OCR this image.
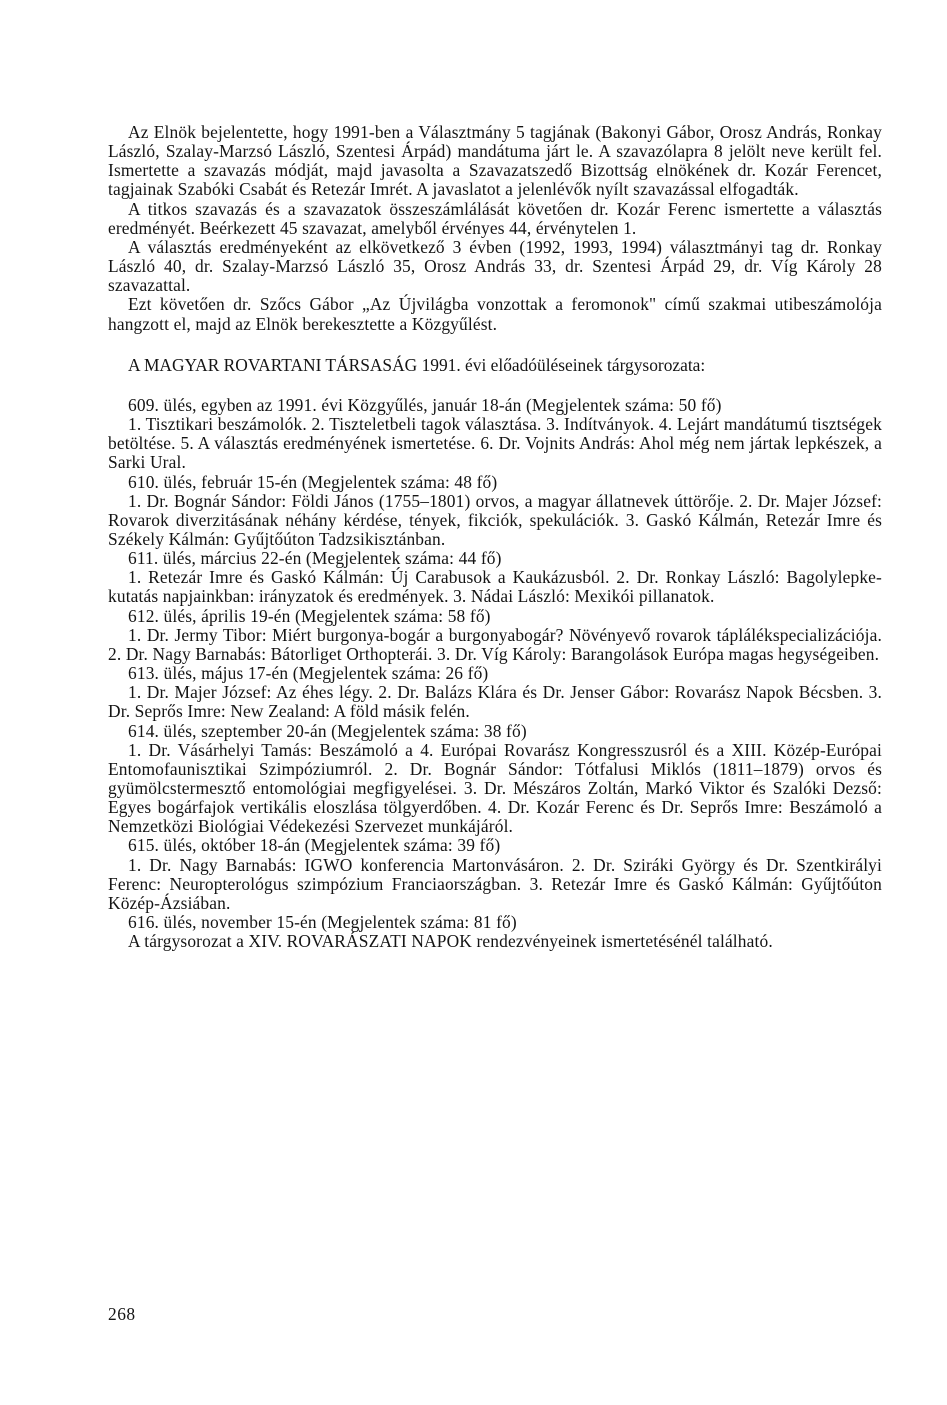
Az Elnök bejelentette, hogy 1991-ben a Választmány 5 tagjának (Bakonyi Gábor, Orosz András, Ronkay László, Szalay-Marzsó László, Szentesi Árpád) mandátuma járt le. A szavazólapra 8 jelölt neve került fel. Ismertette a szavazás módját, majd javasolta a Szavazatszedő Bizottság elnökének dr. Kozár Ferencet, tagjainak Szabóki Csabát és Retezár Imrét. A javaslatot a jelenlévők nyílt szavazással elfogadták.

A titkos szavazás és a szavazatok összeszámlálását követően dr. Kozár Ferenc ismertette a választás eredményét. Beérkezett 45 szavazat, amelyből érvényes 44, érvénytelen 1.

A választás eredményeként az elkövetkező 3 évben (1992, 1993, 1994) választmányi tag dr. Ronkay László 40, dr. Szalay-Marzsó László 35, Orosz András 33, dr. Szentesi Árpád 29, dr. Víg Károly 28 szavazattal.

Ezt követően dr. Szőcs Gábor „Az Újvilágba vonzottak a feromonok" című szakmai utibeszámolója hangzott el, majd az Elnök berekesztette a Közgyűlést.

A MAGYAR ROVARTANI TÁRSASÁG 1991. évi előadóüléseinek tárgysorozata:

609. ülés, egyben az 1991. évi Közgyűlés, január 18-án (Megjelentek száma: 50 fő)

1. Tisztikari beszámolók. 2. Tiszteletbeli tagok választása. 3. Indítványok. 4. Lejárt mandátumú tisztségek betöltése. 5. A választás eredményének ismertetése. 6. Dr. Vojnits András: Ahol még nem jártak lepkészek, a Sarki Ural.

610. ülés, február 15-én (Megjelentek száma: 48 fő)

1. Dr. Bognár Sándor: Földi János (1755–1801) orvos, a magyar állatnevek úttörője. 2. Dr. Majer József: Rovarok diverzitásának néhány kérdése, tények, fikciók, spekulációk. 3. Gaskó Kálmán, Retezár Imre és Székely Kálmán: Gyűjtőúton Tadzsikisztánban.

611. ülés, március 22-én (Megjelentek száma: 44 fő)

1. Retezár Imre és Gaskó Kálmán: Új Carabusok a Kaukázusból. 2. Dr. Ronkay László: Bagolylepke-kutatás napjainkban: irányzatok és eredmények. 3. Nádai László: Mexikói pillanatok.

612. ülés, április 19-én (Megjelentek száma: 58 fő)

1. Dr. Jermy Tibor: Miért burgonya-bogár a burgonyabogár? Növényevő rovarok táplálékspecializációja. 2. Dr. Nagy Barnabás: Bátorliget Orthopterái. 3. Dr. Víg Károly: Barangolások Európa magas hegységeiben.

613. ülés, május 17-én (Megjelentek száma: 26 fő)

1. Dr. Majer József: Az éhes légy. 2. Dr. Balázs Klára és Dr. Jenser Gábor: Rovarász Napok Bécsben. 3. Dr. Seprős Imre: New Zealand: A föld másik felén.

614. ülés, szeptember 20-án (Megjelentek száma: 38 fő)

1. Dr. Vásárhelyi Tamás: Beszámoló a 4. Európai Rovarász Kongresszusról és a XIII. Közép-Európai Entomofaunisztikai Szimpóziumról. 2. Dr. Bognár Sándor: Tótfalusi Miklós (1811–1879) orvos és gyümölcstermesztő entomológiai megfigyelései. 3. Dr. Mészáros Zoltán, Markó Viktor és Szalóki Dezső: Egyes bogárfajok vertikális eloszlása tölgyerdőben. 4. Dr. Kozár Ferenc és Dr. Seprős Imre: Beszámoló a Nemzetközi Biológiai Védekezési Szervezet munkájáról.

615. ülés, október 18-án (Megjelentek száma: 39 fő)

1. Dr. Nagy Barnabás: IGWO konferencia Martonvásáron. 2. Dr. Sziráki György és Dr. Szentkirályi Ferenc: Neuropterológus szimpózium Franciaországban. 3. Retezár Imre és Gaskó Kálmán: Gyűjtőúton Közép-Ázsiában.

616. ülés, november 15-én (Megjelentek száma: 81 fő)

A tárgysorozat a XIV. ROVARÁSZATI NAPOK rendezvényeinek ismertetésénél található.

268
